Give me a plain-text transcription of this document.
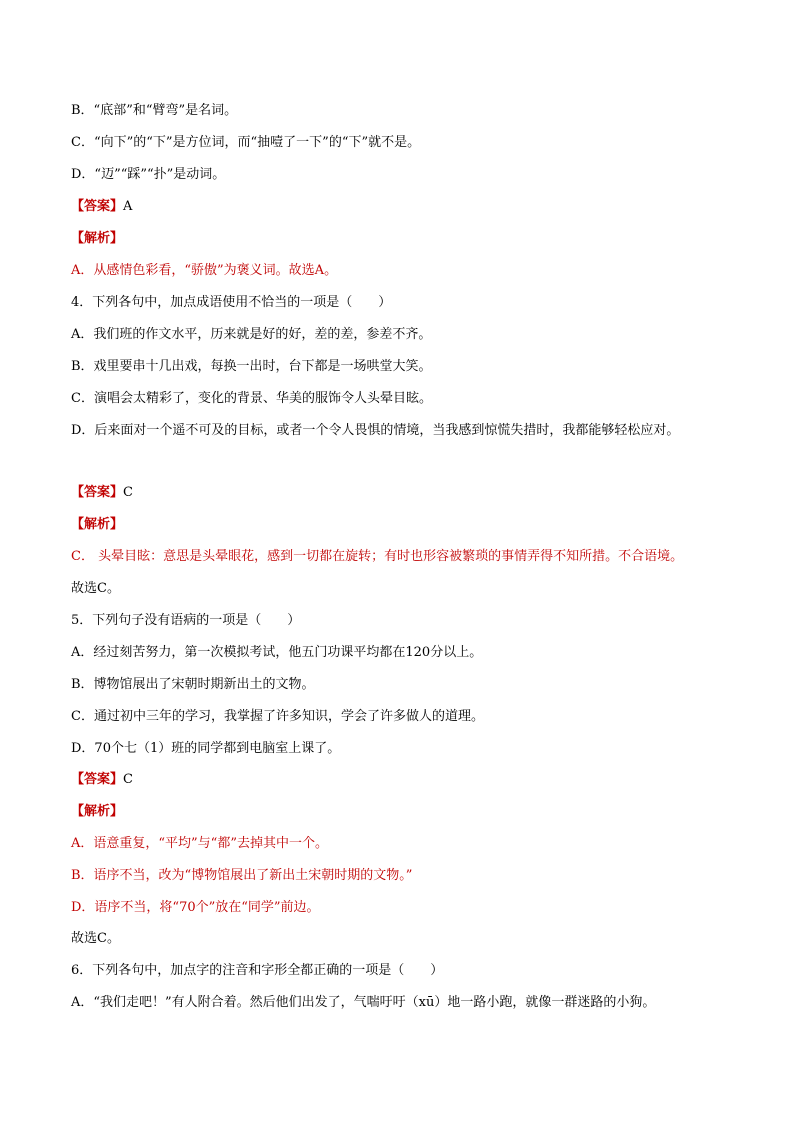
B．“底部”和“臂弯”是名词。
C．“向下”的“下”是方位词，而“抽噎了一下”的“下”就不是。
D．“迈”“踩”“扑”是动词。
【答案】A
【解析】
A．从感情色彩看，“骄傲”为褒义词。故选A。
4．下列各句中，加点成语使用不恰当的一项是（　　）
A．我们班的作文水平，历来就是好的好，差的差，参差不齐。
B．戏里要串十几出戏，每换一出时，台下都是一场哄堂大笑。
C．演唱会太精彩了，变化的背景、华美的服饰令人头晕目眩。
D．后来面对一个遥不可及的目标，或者一个令人畏惧的情境，当我感到惊慌失措时，我都能够轻松应对。
【答案】C
【解析】
C． 头晕目眩：意思是头晕眼花，感到一切都在旋转；有时也形容被繁琐的事情弄得不知所措。不合语境。
故选C。
5．下列句子没有语病的一项是（　　）
A．经过刻苦努力，第一次模拟考试，他五门功课平均都在120分以上。
B．博物馆展出了宋朝时期新出土的文物。
C．通过初中三年的学习，我掌握了许多知识，学会了许多做人的道理。
D．70个七（1）班的同学都到电脑室上课了。
【答案】C
【解析】
A．语意重复，“平均”与“都”去掉其中一个。
B．语序不当，改为“博物馆展出了新出土宋朝时期的文物。”
D．语序不当，将“70个”放在“同学”前边。
故选C。
6．下列各句中，加点字的注音和字形全都正确的一项是（　　）
A．“我们走吧！”有人附合着。然后他们出发了，气喘吁吁（xū）地一路小跑，就像一群迷路的小狗。
